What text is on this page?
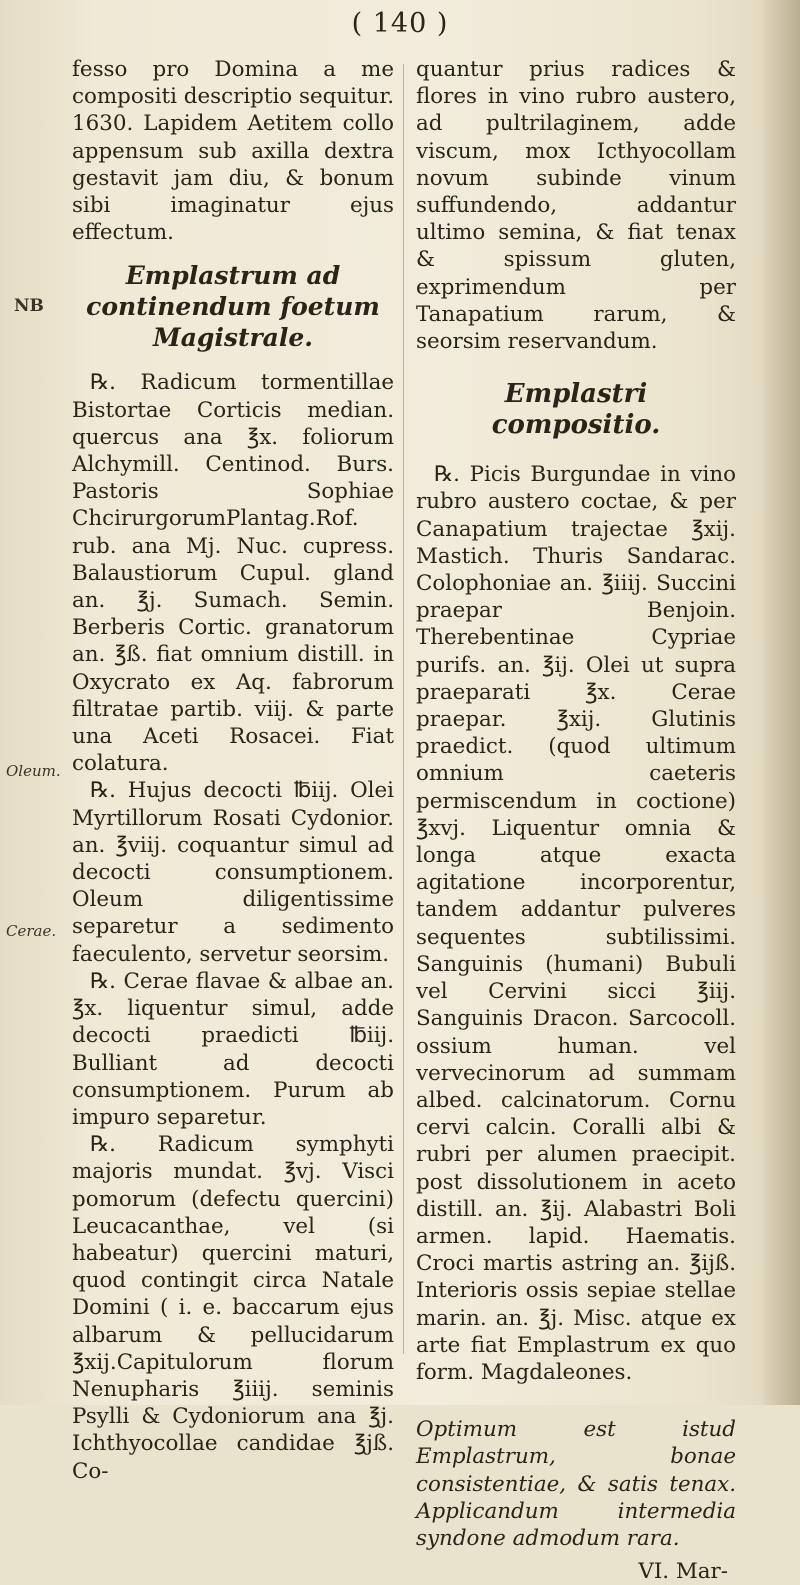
( 140 )
NB
Oleum.
Cerae.

fesso pro Domina a me compositi descriptio sequitur. 1630. Lapidem Aetitem collo appensum sub axilla dextra gestavit jam diu, & bonum sibi imaginatur ejus effectum.

Emplastrum ad continendum foetum Magistrale.

℞. Radicum tormentillae Bistortae Corticis median. quercus ana ℥x. foliorum Alchymill. Centinod. Burs. Pastoris Sophiae ChcirurgorumPlantag.Rof. rub. ana Mj. Nuc. cupress. Balaustiorum Cupul. gland an. ℥j. Sumach. Semin. Berberis Cortic. granatorum an. ℥ß. fiat omnium distill. in Oxycrato ex Aq. fabrorum filtratae partib. viij. & parte una Aceti Rosacei. Fiat colatura.

℞. Hujus decocti ℔iij. Olei Myrtillorum Rosati Cydonior. an. ℥viij. coquantur simul ad decocti consumptionem. Oleum diligentissime separetur a sedimento faeculento, servetur seorsim.

℞. Cerae flavae & albae an. ℥x. liquentur simul, adde decocti praedicti ℔iij. Bulliant ad decocti consumptionem. Purum ab impuro separetur.

℞. Radicum symphyti majoris mundat. ℥vj. Visci pomorum (defectu quercini) Leucacanthae, vel (si habeatur) quercini maturi, quod contingit circa Natale Domini ( i. e. baccarum ejus albarum & pellucidarum ℥xij.Capitulorum florum Nenupharis ℥iiij. seminis Psylli & Cydoniorum ana ℥j. Ichthyocollae candidae ℥jß. Co-

quantur prius radices & flores in vino rubro austero, ad pultrilaginem, adde viscum, mox Icthyocollam novum subinde vinum suffundendo, addantur ultimo semina, & fiat tenax & spissum gluten, exprimendum per Tanapatium rarum, & seorsim reservandum.

Emplastri compositio.

℞. Picis Burgundae in vino rubro austero coctae, & per Canapatium trajectae ℥xij. Mastich. Thuris Sandarac. Colophoniae an. ℥iiij. Succini praepar Benjoin. Therebentinae Cypriae purifs. an. ℥ij. Olei ut supra praeparati ℥x. Cerae praepar. ℥xij. Glutinis praedict. (quod ultimum omnium caeteris permiscendum in coctione) ℥xvj. Liquentur omnia & longa atque exacta agitatione incorporentur, tandem addantur pulveres sequentes subtilissimi. Sanguinis (humani) Bubuli vel Cervini sicci ℥iij. Sanguinis Dracon. Sarcocoll. ossium human. vel vervecinorum ad summam albed. calcinatorum. Cornu cervi calcin. Coralli albi & rubri per alumen praecipit. post dissolutionem in aceto distill. an. ℥ij. Alabastri Boli armen. lapid. Haematis. Croci martis astring an. ℥ijß. Interioris ossis sepiae stellae marin. an. ℥j. Misc. atque ex arte fiat Emplastrum ex quo form. Magdaleones.

Optimum est istud Emplastrum, bonae consistentiae, & satis tenax. Applicandum intermedia syndone admodum rara.

VI. Mar-
